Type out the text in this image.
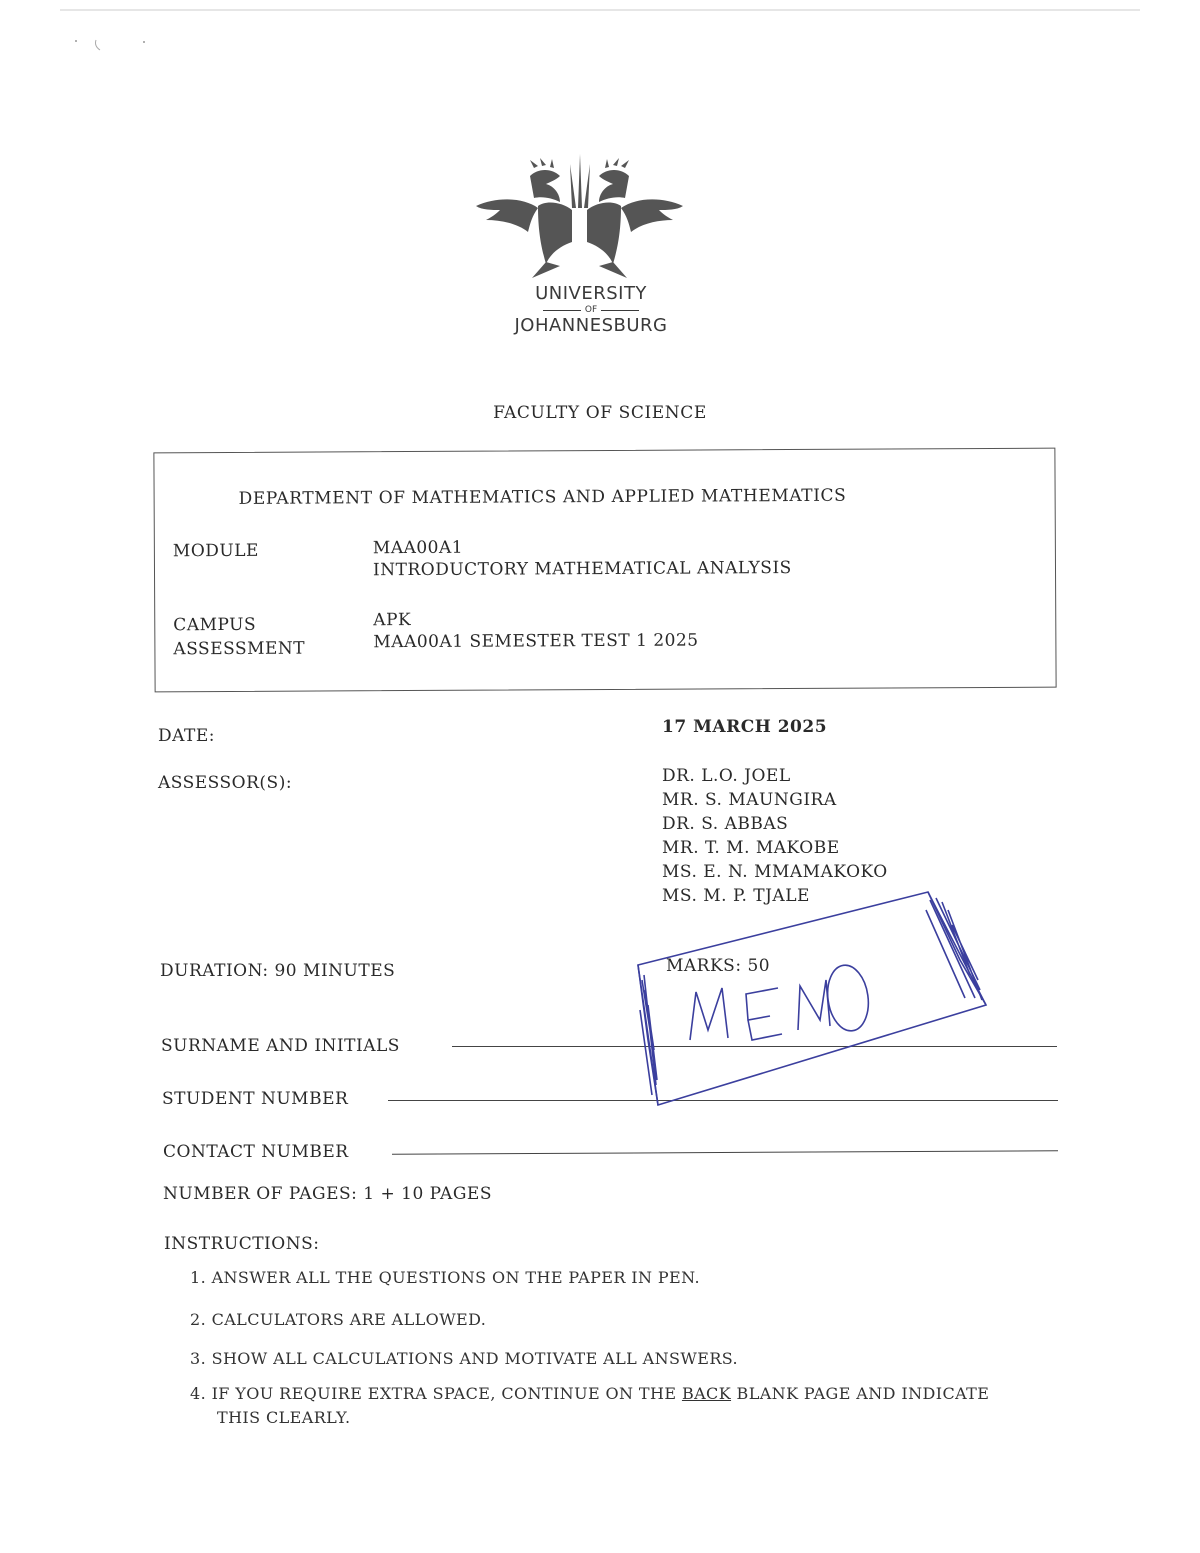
UNIVERSITY
OF
JOHANNESBURG
FACULTY OF SCIENCE
DEPARTMENT OF MATHEMATICS AND APPLIED MATHEMATICS
MODULE	MAA00A1
INTRODUCTORY MATHEMATICAL ANALYSIS
CAMPUS	APK
ASSESSMENT	MAA00A1 SEMESTER TEST 1 2025
DATE:	17 MARCH 2025
ASSESSOR(S):	DR. L.O. JOEL
MR. S. MAUNGIRA
DR. S. ABBAS
MR. T. M. MAKOBE
MS. E. N. MMAMAKOKO
MS. M. P. TJALE
DURATION: 90 MINUTES	MARKS: 50
SURNAME AND INITIALS
STUDENT NUMBER
CONTACT NUMBER
NUMBER OF PAGES: 1 + 10 PAGES
INSTRUCTIONS:
1. ANSWER ALL THE QUESTIONS ON THE PAPER IN PEN.
2. CALCULATORS ARE ALLOWED.
3. SHOW ALL CALCULATIONS AND MOTIVATE ALL ANSWERS.
4. IF YOU REQUIRE EXTRA SPACE, CONTINUE ON THE BACK BLANK PAGE AND INDICATE
THIS CLEARLY.
MEMO
